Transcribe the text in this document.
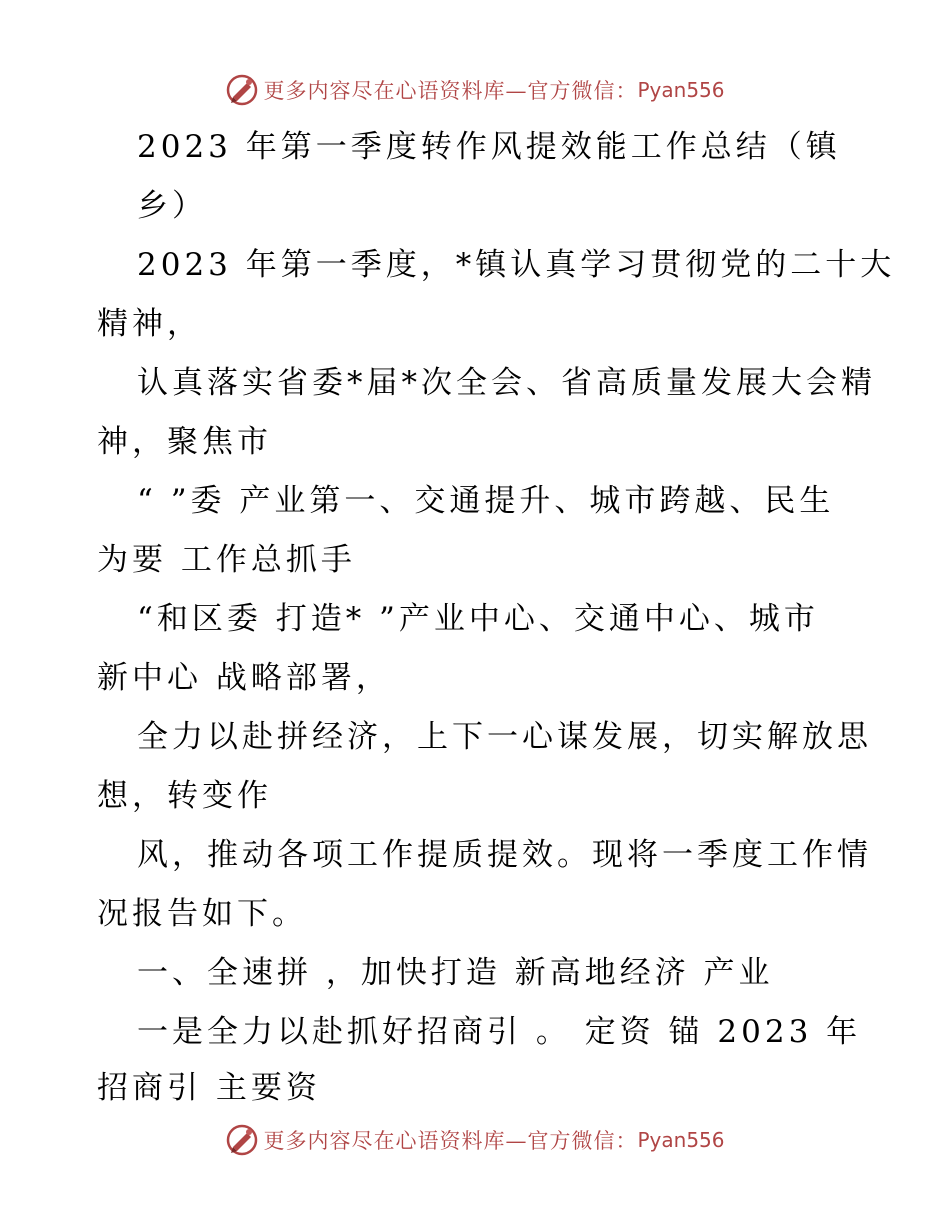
更多内容尽在心语资料库—官方微信： Pyan556
2023 年第一季度转作风提效能工作总结（镇
乡）
2023 年第一季度，*镇认真学习贯彻党的二十大
精神，
认真落实省委*届*次全会、省高质量发展大会精
神，聚焦市
“ ”委 产业第一、交通提升、城市跨越、民生
为要 工作总抓手
“和区委 打造* ”产业中心、交通中心、城市
新中心 战略部署，
全力以赴拼经济，上下一心谋发展，切实解放思
想，转变作
风，推动各项工作提质提效。现将一季度工作情
况报告如下。
一、全速拼 ，加快打造 新高地经济 产业
一是全力以赴抓好招商引 。 定资 锚 2023 年
招商引 主要资
更多内容尽在心语资料库—官方微信： Pyan556
